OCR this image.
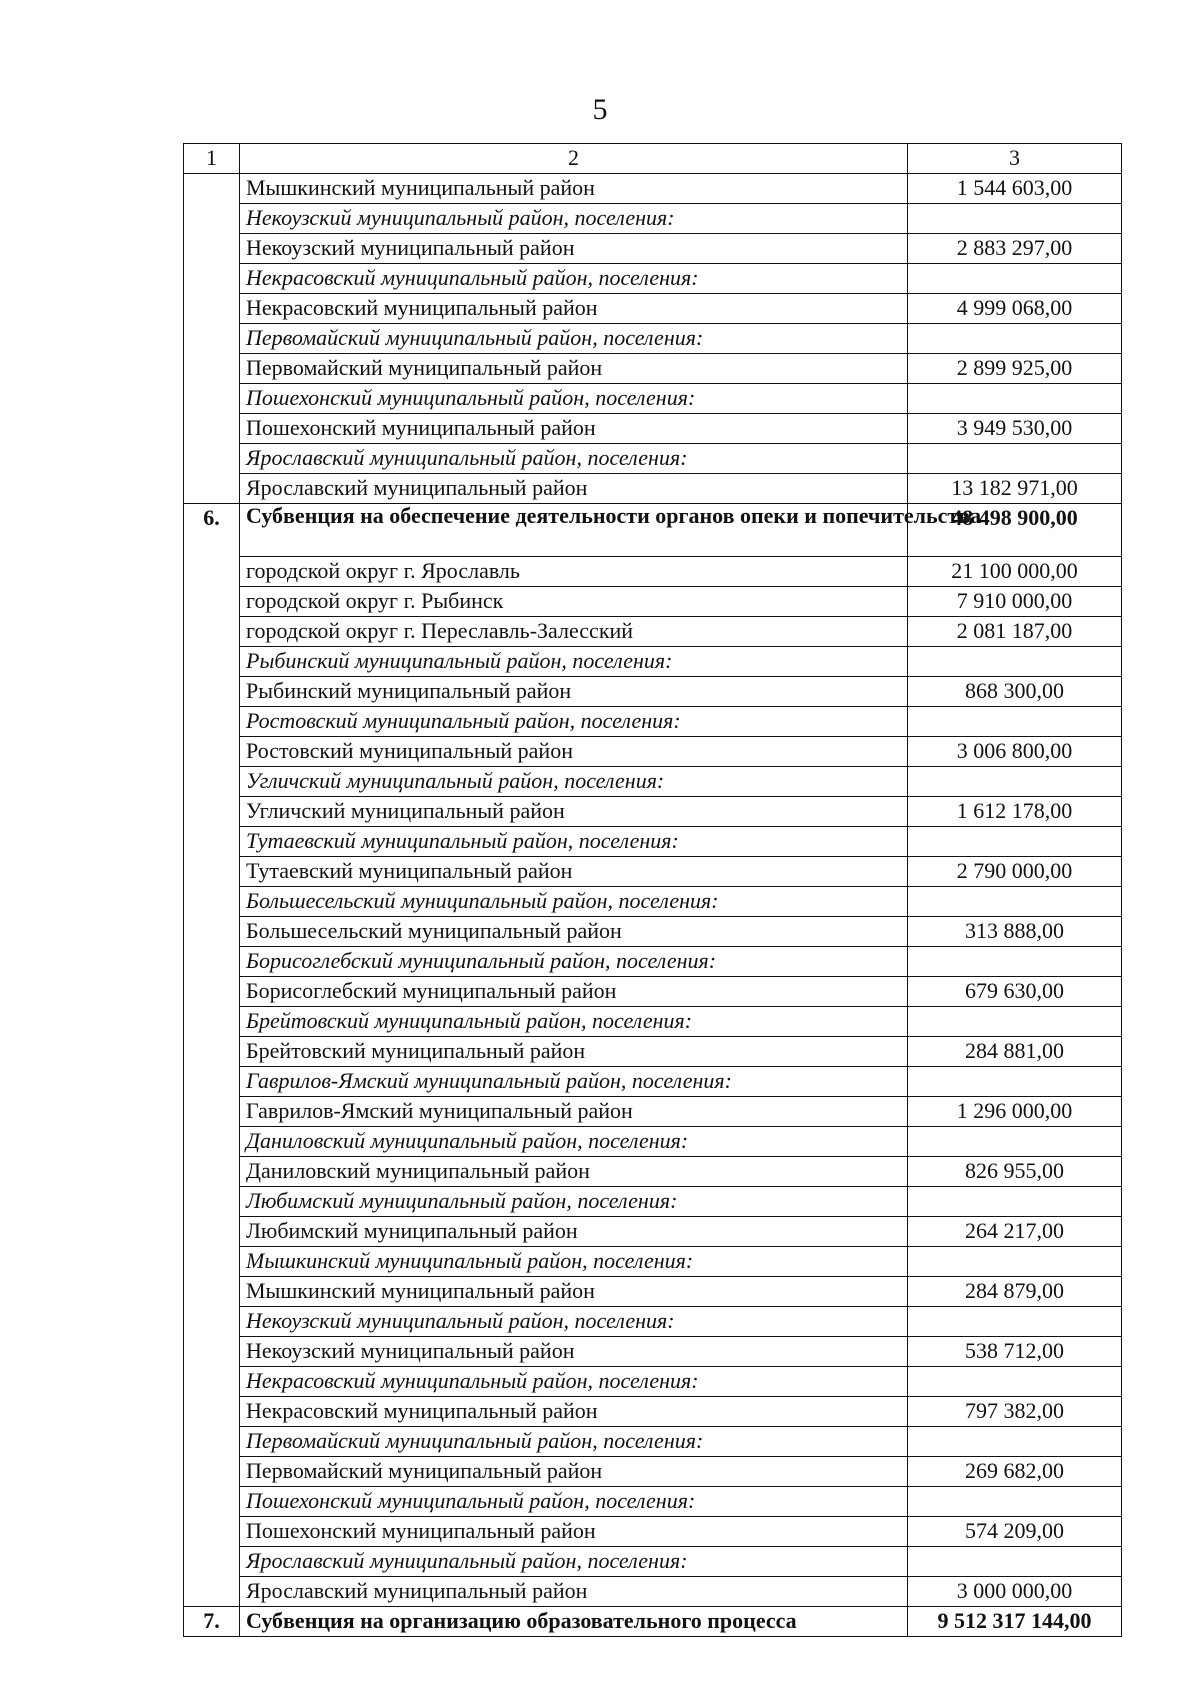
5
1	2	3
	Мышкинский муниципальный район	1 544 603,00
	Некоузский муниципальный район, поселения:	
	Некоузский муниципальный район	2 883 297,00
	Некрасовский муниципальный район, поселения:	
	Некрасовский муниципальный район	4 999 068,00
	Первомайский муниципальный район, поселения:	
	Первомайский муниципальный район	2 899 925,00
	Пошехонский муниципальный район, поселения:	
	Пошехонский муниципальный район	3 949 530,00
	Ярославский муниципальный район, поселения:	
	Ярославский муниципальный район	13 182 971,00
6.	Субвенция на обеспечение деятельности органов опеки и попечительства	48 498 900,00
	городской округ г. Ярославль	21 100 000,00
	городской округ г. Рыбинск	7 910 000,00
	городской округ г. Переславль-Залесский	2 081 187,00
	Рыбинский муниципальный район, поселения:	
	Рыбинский муниципальный район	868 300,00
	Ростовский муниципальный район, поселения:	
	Ростовский муниципальный район	3 006 800,00
	Угличский муниципальный район, поселения:	
	Угличский муниципальный район	1 612 178,00
	Тутаевский муниципальный район, поселения:	
	Тутаевский муниципальный район	2 790 000,00
	Большесельский муниципальный район, поселения:	
	Большесельский муниципальный район	313 888,00
	Борисоглебский муниципальный район, поселения:	
	Борисоглебский муниципальный район	679 630,00
	Брейтовский муниципальный район, поселения:	
	Брейтовский муниципальный район	284 881,00
	Гаврилов-Ямский муниципальный район, поселения:	
	Гаврилов-Ямский муниципальный район	1 296 000,00
	Даниловский муниципальный район, поселения:	
	Даниловский муниципальный район	826 955,00
	Любимский муниципальный район, поселения:	
	Любимский муниципальный район	264 217,00
	Мышкинский муниципальный район, поселения:	
	Мышкинский муниципальный район	284 879,00
	Некоузский муниципальный район, поселения:	
	Некоузский муниципальный район	538 712,00
	Некрасовский муниципальный район, поселения:	
	Некрасовский муниципальный район	797 382,00
	Первомайский муниципальный район, поселения:	
	Первомайский муниципальный район	269 682,00
	Пошехонский муниципальный район, поселения:	
	Пошехонский муниципальный район	574 209,00
	Ярославский муниципальный район, поселения:	
	Ярославский муниципальный район	3 000 000,00
7.	Субвенция на организацию образовательного процесса	9 512 317 144,00
